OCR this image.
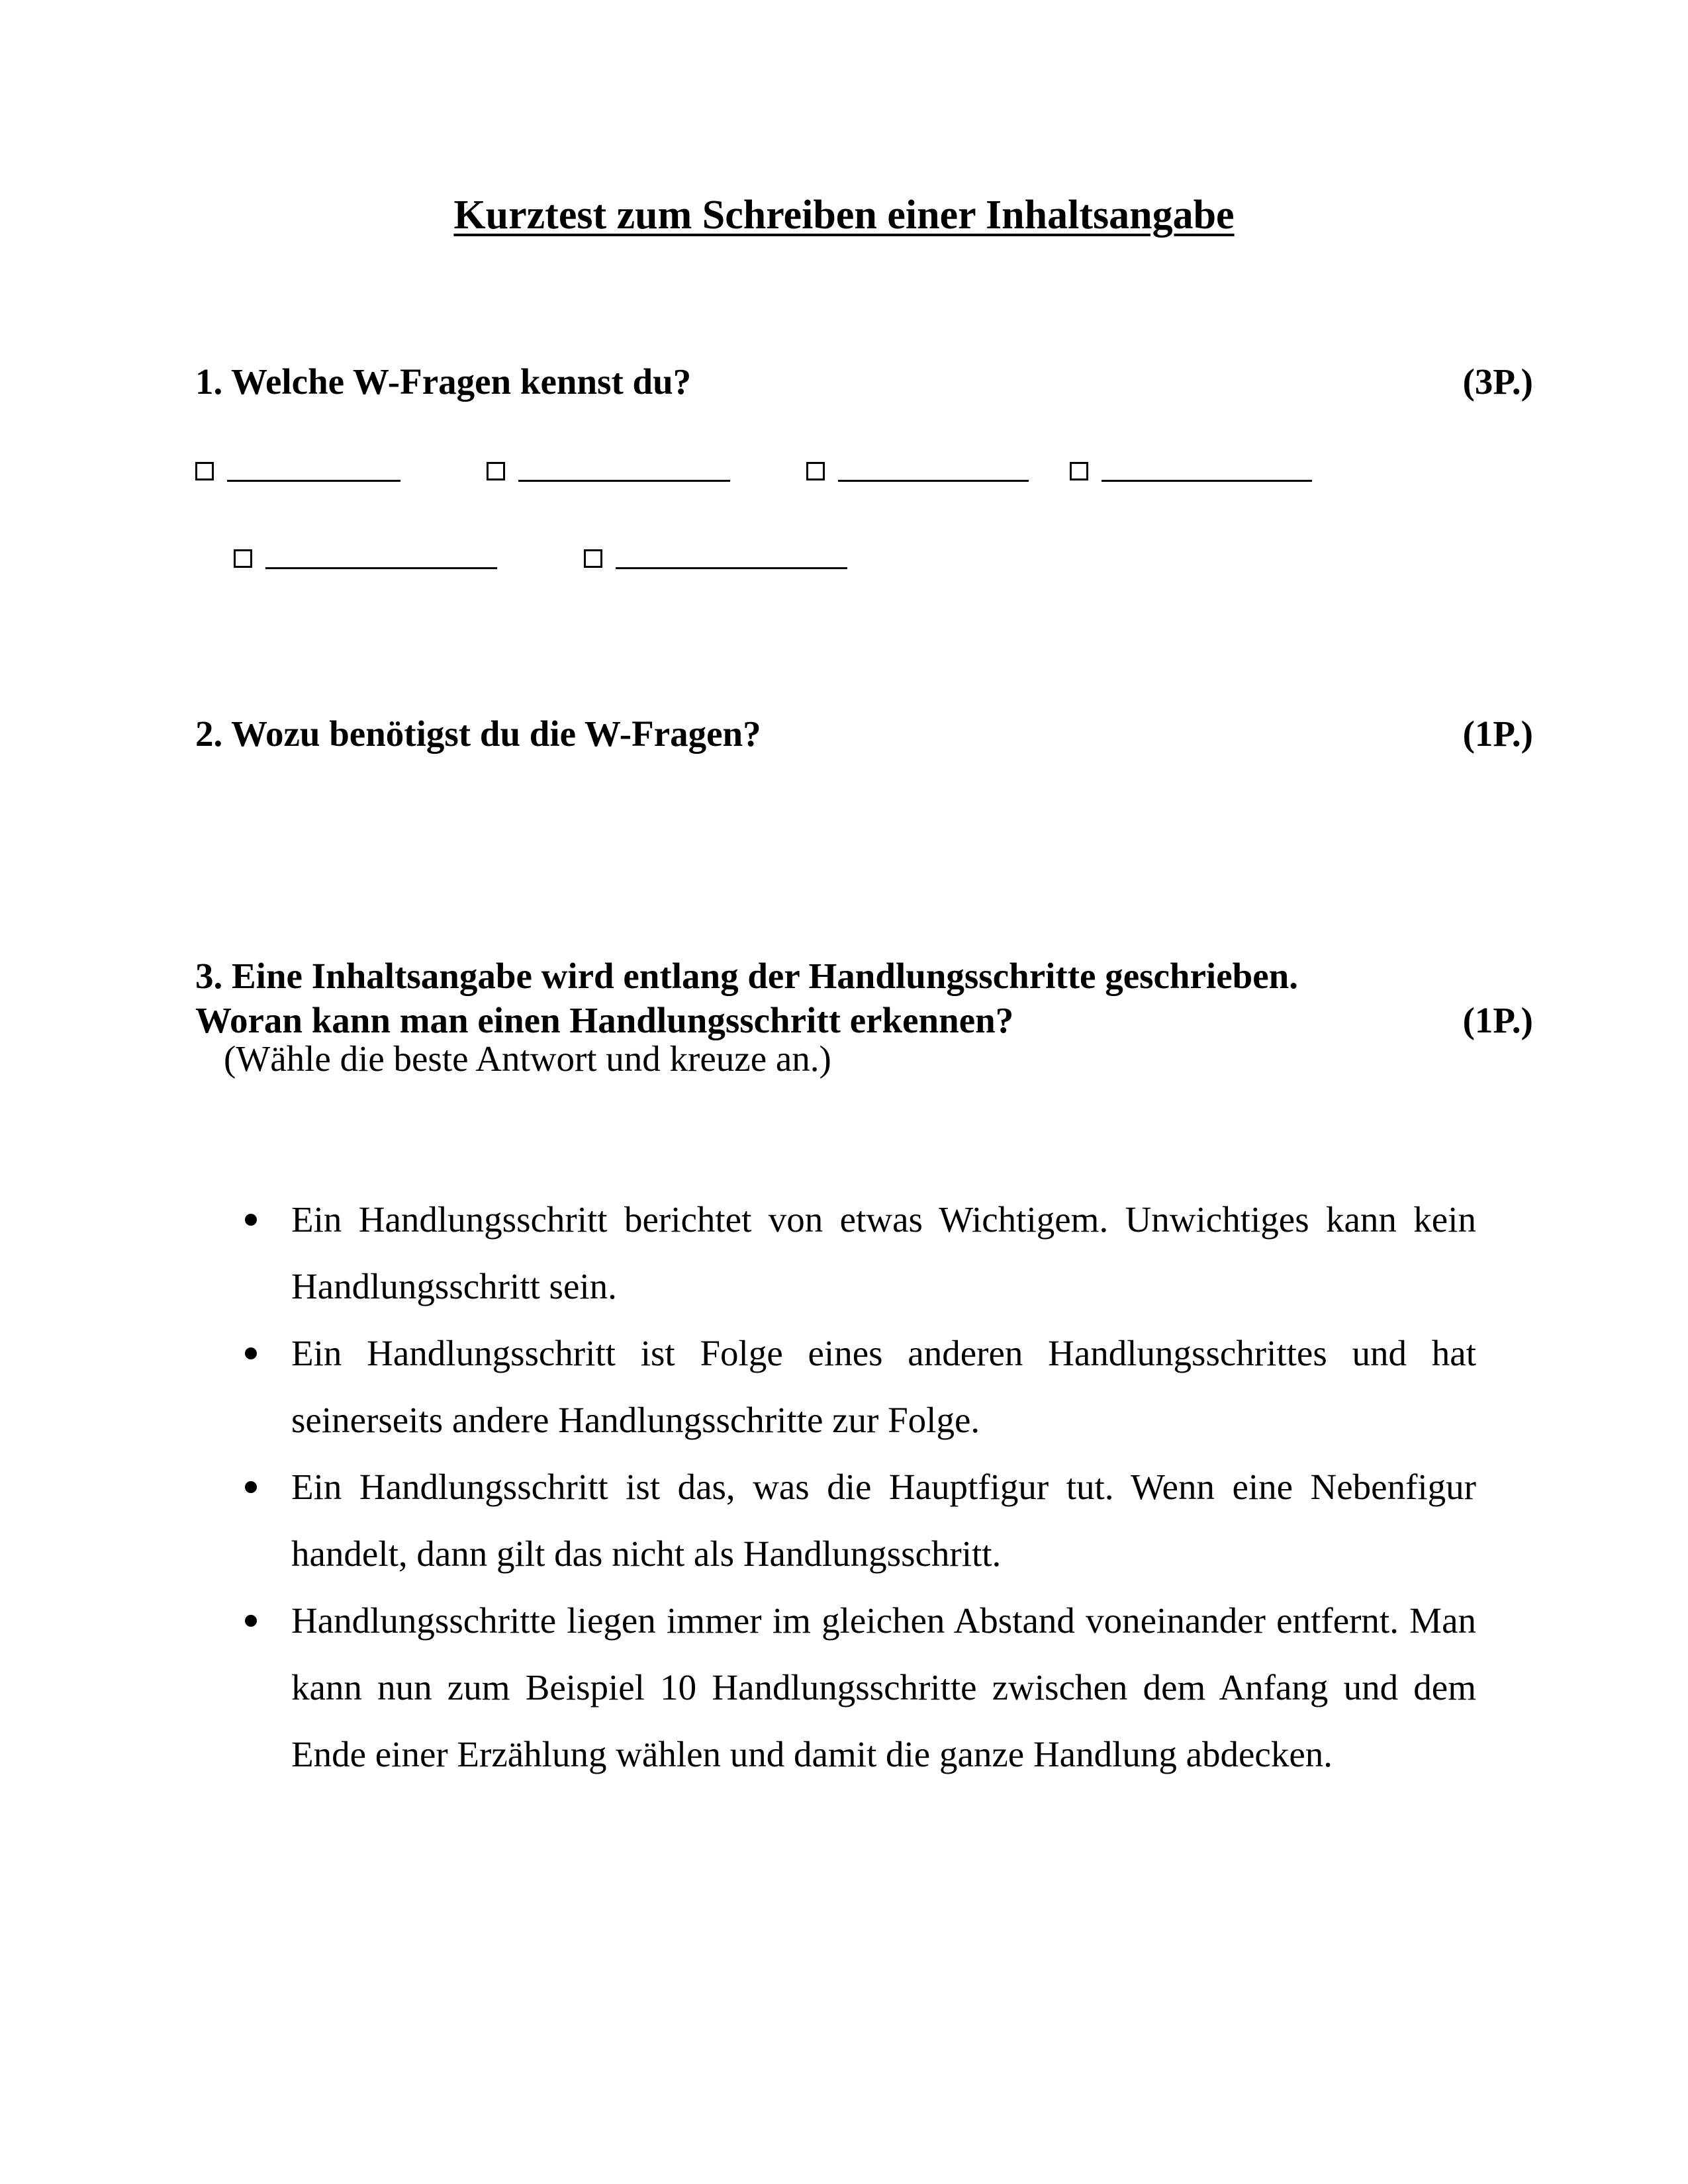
Kurztest zum Schreiben einer Inhaltsangabe
1. Welche W-Fragen kennst du?	(3P.)
2. Wozu benötigst du die W-Fragen?	(1P.)
3. Eine Inhaltsangabe wird entlang der Handlungsschritte geschrieben.
Woran kann man einen Handlungsschritt erkennen?	(1P.)
(Wähle die beste Antwort und kreuze an.)
Ein Handlungsschritt berichtet von etwas Wichtigem. Unwichtiges kann kein Handlungsschritt sein.
Ein Handlungsschritt ist Folge eines anderen Handlungsschrittes und hat seinerseits andere Handlungsschritte zur Folge.
Ein Handlungsschritt ist das, was die Hauptfigur tut. Wenn eine Nebenfigur handelt, dann gilt das nicht als Handlungsschritt.
Handlungsschritte liegen immer im gleichen Abstand voneinander entfernt. Man kann nun zum Beispiel 10 Handlungsschritte zwischen dem Anfang und dem Ende einer Erzählung wählen und damit die ganze Handlung abdecken.
